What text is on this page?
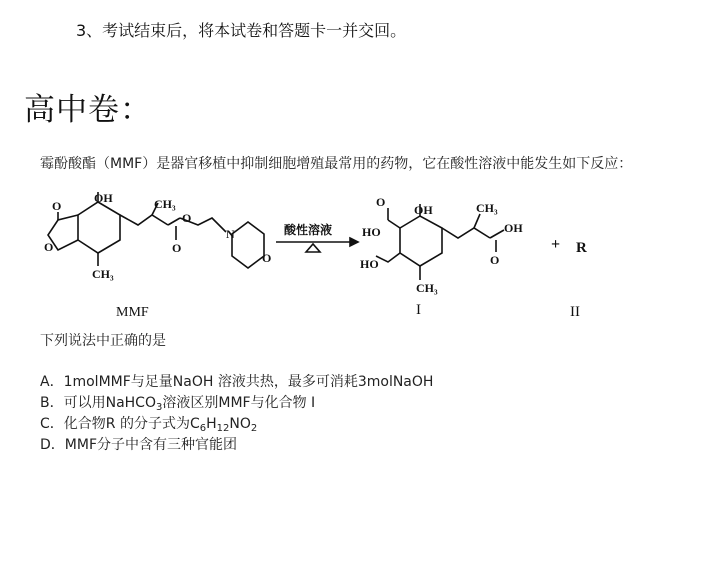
3、考试结束后，将本试卷和答题卡一并交回。
高中卷：
霉酚酸酯（MMF）是器官移植中抑制细胞增殖最常用的药物，它在酸性溶液中能发生如下反应：
O
OH
O
CH₃
CH₃
O
O
N
O
O
HO
OH
HO
CH₃
CH₃
OH
O
酸性溶液
+ R
MMF	I	II
下列说法中正确的是
A．1molMMF与足量NaOH 溶液共热，最多可消耗3molNaOH
B．可以用NaHCO$_3$溶液区别MMF与化合物 Ⅰ
C．化合物R 的分子式为$C_6H_{12}NO_2$
D．MMF分子中含有三种官能团
